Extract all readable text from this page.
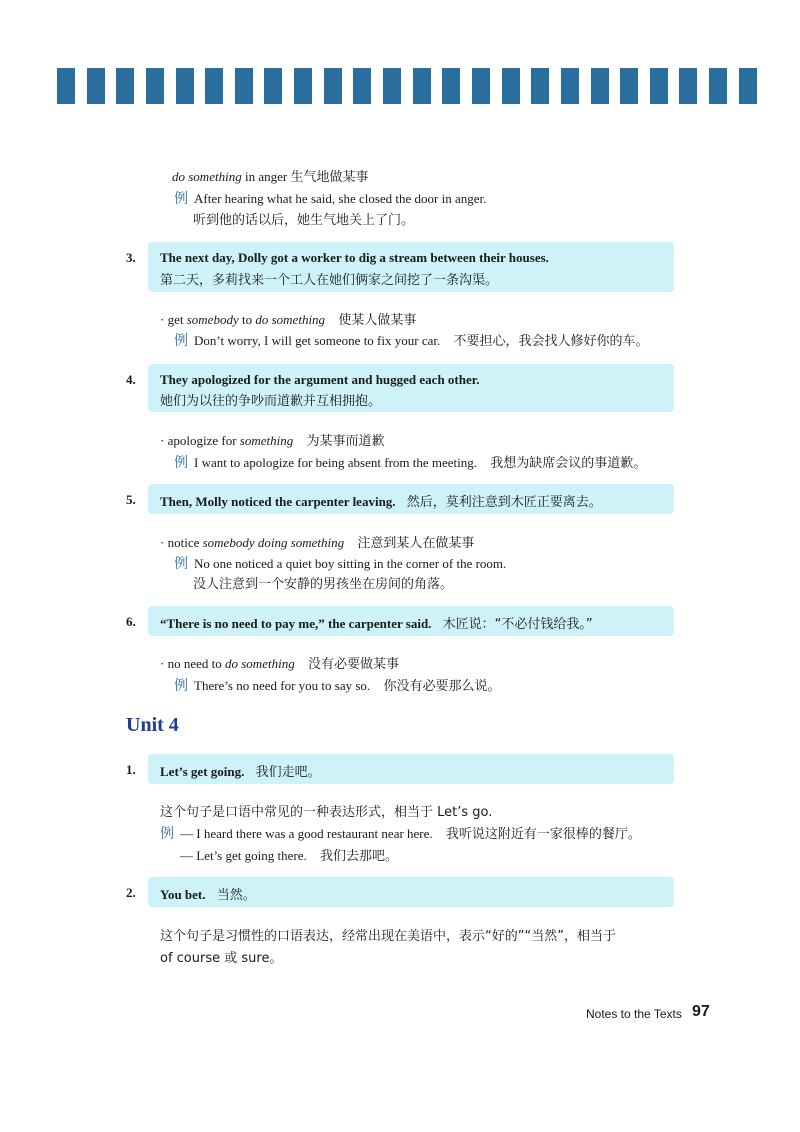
do something in anger 生气地做某事
例 After hearing what he said, she closed the door in anger.
听到他的话以后，她生气地关上了门。
3. The next day, Dolly got a worker to dig a stream between their houses.
第二天，多莉找来一个工人在她们俩家之间挖了一条沟渠。
· get somebody to do something 使某人做某事
例 Don’t worry, I will get someone to fix your car. 不要担心，我会找人修好你的车。
4. They apologized for the argument and hugged each other.
她们为以往的争吵而道歉并互相拥抱。
· apologize for something 为某事而道歉
例 I want to apologize for being absent from the meeting. 我想为缺席会议的事道歉。
5. Then, Molly noticed the carpenter leaving. 然后，莫利注意到木匠正要离去。
· notice somebody doing something 注意到某人在做某事
例 No one noticed a quiet boy sitting in the corner of the room.
没人注意到一个安静的男孩坐在房间的角落。
6. “There is no need to pay me,” the carpenter said. 木匠说：“不必付钱给我。”
· no need to do something 没有必要做某事
例 There’s no need for you to say so. 你没有必要那么说。
Unit 4
1. Let’s get going. 我们走吧。
这个句子是口语中常见的一种表达形式，相当于 Let’s go.
例 — I heard there was a good restaurant near here. 我听说这附近有一家很棒的餐厅。
— Let’s get going there. 我们去那吧。
2. You bet. 当然。
这个句子是习惯性的口语表达，经常出现在美语中，表示“好的”“当然”，相当于
of course 或 sure。
Notes to the Texts 97
